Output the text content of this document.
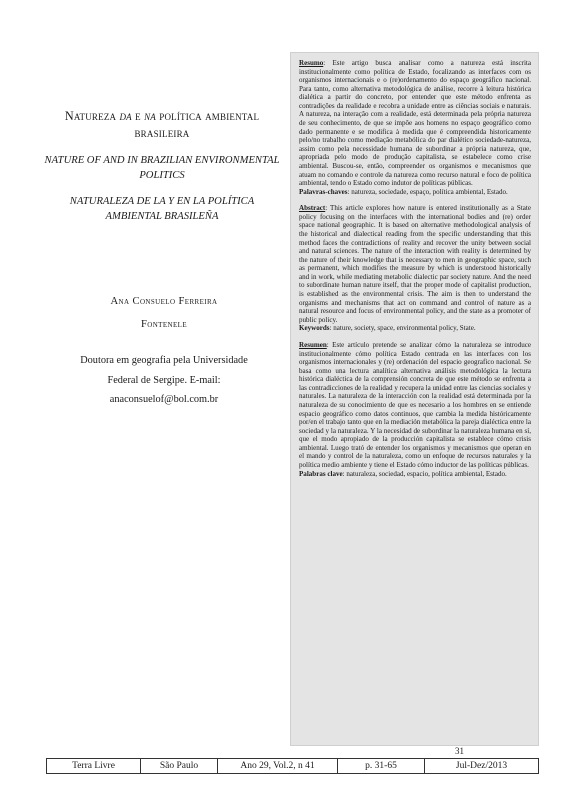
Natureza da e na política ambiental brasileira

NATURE OF AND IN BRAZILIAN ENVIRONMENTAL POLITICS

NATURALEZA DE LA Y EN LA POLÍTICA AMBIENTAL BRASILEÑA

Ana Consuelo Ferreira
Fontenele
Doutora em geografia pela Universidade
Federal de Sergipe. E-mail:
anaconsuelof@bol.com.br

Resumo: Este artigo busca analisar como a natureza está inscrita institucionalmente como política de Estado, focalizando as interfaces com os organismos internacionais e o (re)ordenamento do espaço geográfico nacional. Para tanto, como alternativa metodológica de análise, recorre à leitura histórica dialética a partir do concreto, por entender que este método enfrenta as contradições da realidade e recobra a unidade entre as ciências sociais e naturais. A natureza, na interação com a realidade, está determinada pela própria natureza de seu conhecimento, de que se impõe aos homens no espaço geográfico como dado permanente e se modifica à medida que é compreendida historicamente pelo/no trabalho como mediação metabólica do par dialético sociedade-natureza, assim como pela necessidade humana de subordinar a própria natureza, que, apropriada pelo modo de produção capitalista, se estabelece como crise ambiental. Buscou-se, então, compreender os organismos e mecanismos que atuam no comando e controle da natureza como recurso natural e foco de política ambiental, tendo o Estado como indutor de políticas públicas.
Palavras-chaves: natureza, sociedade, espaço, política ambiental, Estado.

Abstract: This article explores how nature is entered institutionally as a State policy focusing on the interfaces with the international bodies and (re) order space national geographic. It is based on alternative methodological analysis of the historical and dialectical reading from the specific understanding that this method faces the contradictions of reality and recover the unity between social and natural sciences. The nature of the interaction with reality is determined by the nature of their knowledge that is necessary to men in geographic space, such as permanent, which modifies the measure by which is understood historically and in work, while mediating metabolic dialectic par society nature. And the need to subordinate human nature itself, that the proper mode of capitalist production, is established as the environmental crisis. The aim is then to understand the organisms and mechanisms that act on command and control of nature as a natural resource and focus of environmental policy, and the state as a promoter of public policy.
Keywords: nature, society, space, environmental policy, State.

Resumen: Este artículo pretende se analizar cómo la naturaleza se introduce institucionalmente cómo política Estado centrada en las interfaces con los organismos internacionales y (re) ordenación del espacio geografico nacional. Se basa como una lectura analítica alternativa análisis metodológica la lectura histórica dialéctica de la comprensión concreta de que este método se enfrenta a las contradicciones de la realidad y recupera la unidad entre las ciencias sociales y naturales. La naturaleza de la interacción con la realidad está determinada por la naturaleza de su conocimiento de que es necesario a los hombres en se entiende espacio geográfico como datos continuos, que cambia la medida históricamente por/en el trabajo tanto que en la mediación metabólica la pareja dialéctica entre la sociedad y la naturaleza. Y la necesidad de subordinar la naturaleza humana en sí, que el modo apropiado de la producción capitalista se establece cómo crisis ambiental. Luego trató de entender los organismos y mecanismos que operan en el mando y control de la naturaleza, como un enfoque de recursos naturales y la política medio ambiente y tiene el Estado cómo inductor de las políticas públicas.
Palabras clave: naturaleza, sociedad, espacio, política ambiental, Estado.

31
Terra Livre	São Paulo	Ano 29, Vol.2, n 41	p. 31-65	Jul-Dez/2013
